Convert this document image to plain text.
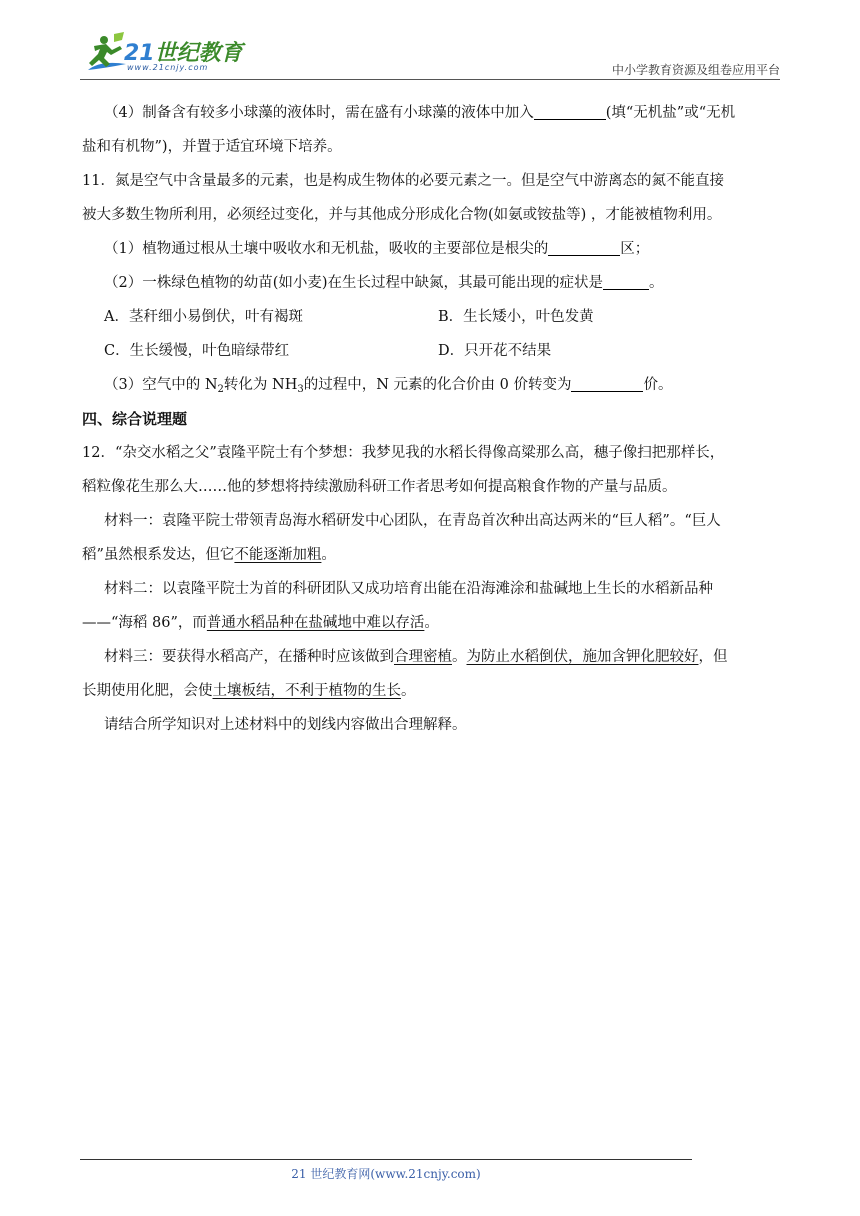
21世纪教育
www.21cnjy.com	中小学教育资源及组卷应用平台

（4）制备含有较多小球藻的液体时，需在盛有小球藻的液体中加入	(填“无机盐”或“无机

盐和有机物”)，并置于适宜环境下培养。

11．氮是空气中含量最多的元素，也是构成生物体的必要元素之一。但是空气中游离态的氮不能直接

被大多数生物所利用，必须经过变化，并与其他成分形成化合物(如氨或铵盐等) ，才能被植物利用。

（1）植物通过根从土壤中吸收水和无机盐，吸收的主要部位是根尖的	区；

（2）一株绿色植物的幼苗(如小麦)在生长过程中缺氮，其最可能出现的症状是	。

A．茎秆细小易倒伏，叶有褐斑	B．生长矮小，叶色发黄
C．生长缓慢，叶色暗绿带红	D．只开花不结果

（3）空气中的 $N_2$转化为 $NH_3$的过程中，N 元素的化合价由 0 价转变为	价。

四、综合说理题

12．“杂交水稻之父”袁隆平院士有个梦想：我梦见我的水稻长得像高粱那么高，穗子像扫把那样长，

稻粒像花生那么大……他的梦想将持续激励科研工作者思考如何提高粮食作物的产量与品质。

材料一：袁隆平院士带领青岛海水稻研发中心团队，在青岛首次种出高达两米的“巨人稻”。“巨人

稻”虽然根系发达，但它不能逐渐加粗。

材料二：以袁隆平院士为首的科研团队又成功培育出能在沿海滩涂和盐碱地上生长的水稻新品种

——“海稻 86”，而普通水稻品种在盐碱地中难以存活。

材料三：要获得水稻高产，在播种时应该做到合理密植。为防止水稻倒伏，施加含钾化肥较好，但

长期使用化肥，会使土壤板结，不利于植物的生长。

请结合所学知识对上述材料中的划线内容做出合理解释。

21 世纪教育网(www.21cnjy.com)
